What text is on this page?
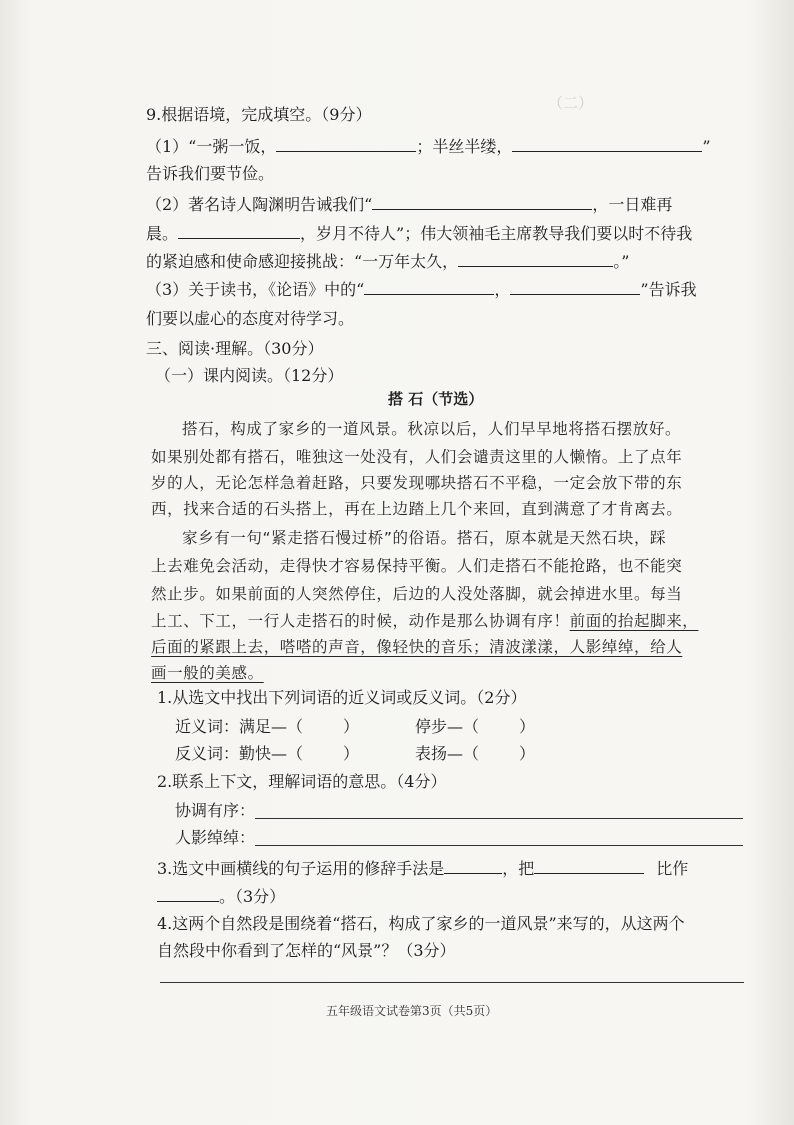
（二）
9.根据语境，完成填空。（9分）
（1）“一粥一饭，	；半丝半缕，	”
告诉我们要节俭。
（2）著名诗人陶渊明告诫我们“	，一日难再
晨。	，岁月不待人”；伟大领袖毛主席教导我们要以时不待我
的紧迫感和使命感迎接挑战：“一万年太久，	。”
（3）关于读书，《论语》中的“	，	”告诉我
们要以虚心的态度对待学习。
三、阅读·理解。（30分）
（一）课内阅读。（12分）
搭 石（节选）
搭石，构成了家乡的一道风景。秋凉以后，人们早早地将搭石摆放好。
如果别处都有搭石，唯独这一处没有，人们会谴责这里的人懒惰。上了点年
岁的人，无论怎样急着赶路，只要发现哪块搭石不平稳，一定会放下带的东
西，找来合适的石头搭上，再在上边踏上几个来回，直到满意了才肯离去。
家乡有一句“紧走搭石慢过桥”的俗语。搭石，原本就是天然石块，踩
上去难免会活动，走得快才容易保持平衡。人们走搭石不能抢路，也不能突
然止步。如果前面的人突然停住，后边的人没处落脚，就会掉进水里。每当
上工、下工，一行人走搭石的时候，动作是那么协调有序！前面的抬起脚来，
后面的紧跟上去，嗒嗒的声音，像轻快的音乐；清波漾漾，人影绰绰，给人
画一般的美感。
1.从选文中找出下列词语的近义词或反义词。（2分）
近义词：满足—（	）	停步—（	）
反义词：勤快—（	）	表扬—（	）
2.联系上下文，理解词语的意思。（4分）
协调有序：
人影绰绰：
3.选文中画横线的句子运用的修辞手法是	，把	比作
。（3分）
4.这两个自然段是围绕着“搭石，构成了家乡的一道风景”来写的，从这两个
自然段中你看到了怎样的“风景”？（3分）
五年级语文试卷第3页（共5页）
